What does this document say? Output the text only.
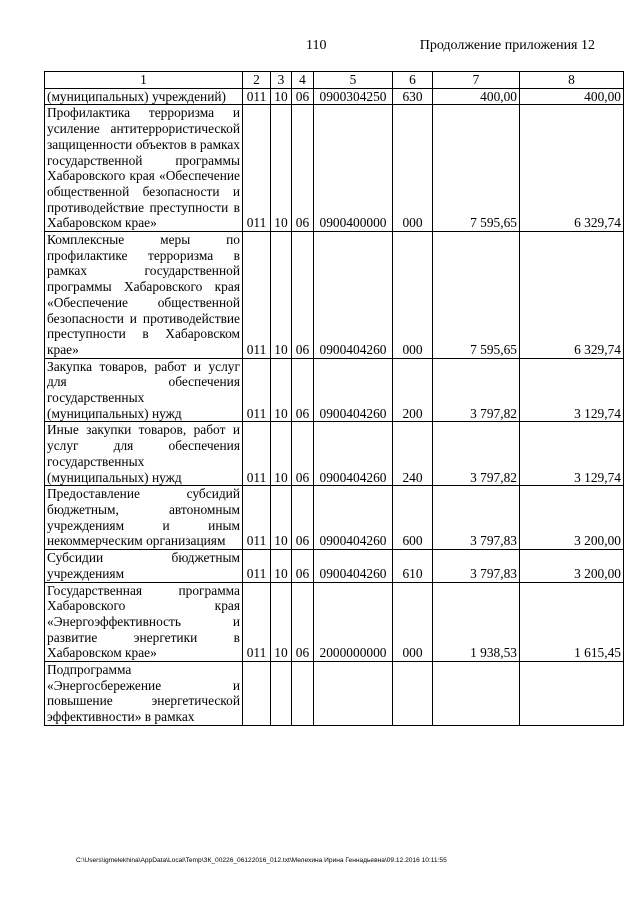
110	Продолжение приложения 12
1	2	3	4	5	6	7	8
(муниципальных) учреждений)	011	10	06	0900304250	630	400,00	400,00
Профилактика терроризма и усиление антитеррористической защищенности объектов в рамках государственной программы Хабаровского края «Обеспечение общественной безопасности и противодействие преступности в Хабаровском крае»	011	10	06	0900400000	000	7 595,65	6 329,74
Комплексные меры по профилактике терроризма в рамках государственной программы Хабаровского края «Обеспечение общественной безопасности и противодействие преступности в Хабаровском крае»	011	10	06	0900404260	000	7 595,65	6 329,74
Закупка товаров, работ и услуг для обеспечения государственных (муниципальных) нужд	011	10	06	0900404260	200	3 797,82	3 129,74
Иные закупки товаров, работ и услуг для обеспечения государственных (муниципальных) нужд	011	10	06	0900404260	240	3 797,82	3 129,74
Предоставление субсидий бюджетным, автономным учреждениям и иным некоммерческим организациям	011	10	06	0900404260	600	3 797,83	3 200,00
Субсидии бюджетным учреждениям	011	10	06	0900404260	610	3 797,83	3 200,00
Государственная программа Хабаровского края «Энергоэффективность и развитие энергетики в Хабаровском крае»	011	10	06	2000000000	000	1 938,53	1 615,45
Подпрограмма «Энергосбережение и повышение энергетической эффективности» в рамках							
C:\Users\igmelekhina\AppData\Local\Temp\ЗК_00226_06122016_012.txt\Мелехина Ирина Геннадьевна\09.12.2016 10:11:55
